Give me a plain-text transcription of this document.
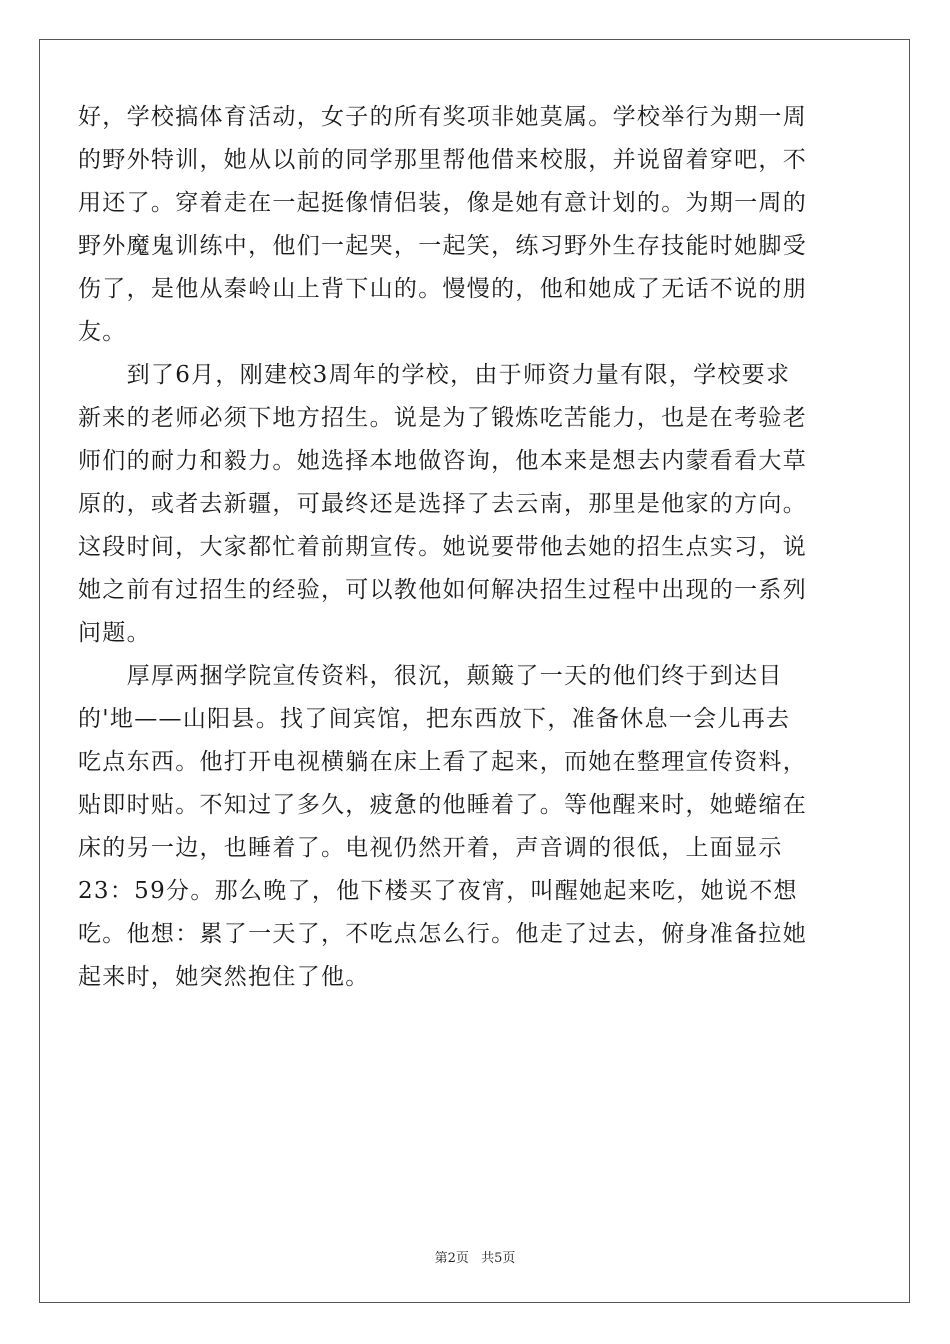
好，学校搞体育活动，女子的所有奖项非她莫属。学校举行为期一周
的野外特训，她从以前的同学那里帮他借来校服，并说留着穿吧，不
用还了。穿着走在一起挺像情侣装，像是她有意计划的。为期一周的
野外魔鬼训练中，他们一起哭，一起笑，练习野外生存技能时她脚受
伤了，是他从秦岭山上背下山的。慢慢的，他和她成了无话不说的朋
友。
　　到了6月，刚建校3周年的学校，由于师资力量有限，学校要求
新来的老师必须下地方招生。说是为了锻炼吃苦能力，也是在考验老
师们的耐力和毅力。她选择本地做咨询，他本来是想去内蒙看看大草
原的，或者去新疆，可最终还是选择了去云南，那里是他家的方向。
这段时间，大家都忙着前期宣传。她说要带他去她的招生点实习，说
她之前有过招生的经验，可以教他如何解决招生过程中出现的一系列
问题。
　　厚厚两捆学院宣传资料，很沉，颠簸了一天的他们终于到达目
的'地——山阳县。找了间宾馆，把东西放下，准备休息一会儿再去
吃点东西。他打开电视横躺在床上看了起来，而她在整理宣传资料，
贴即时贴。不知过了多久，疲惫的他睡着了。等他醒来时，她蜷缩在
床的另一边，也睡着了。电视仍然开着，声音调的很低，上面显示
23：59分。那么晚了，他下楼买了夜宵，叫醒她起来吃，她说不想
吃。他想：累了一天了，不吃点怎么行。他走了过去，俯身准备拉她
起来时，她突然抱住了他。
第2页 共5页
